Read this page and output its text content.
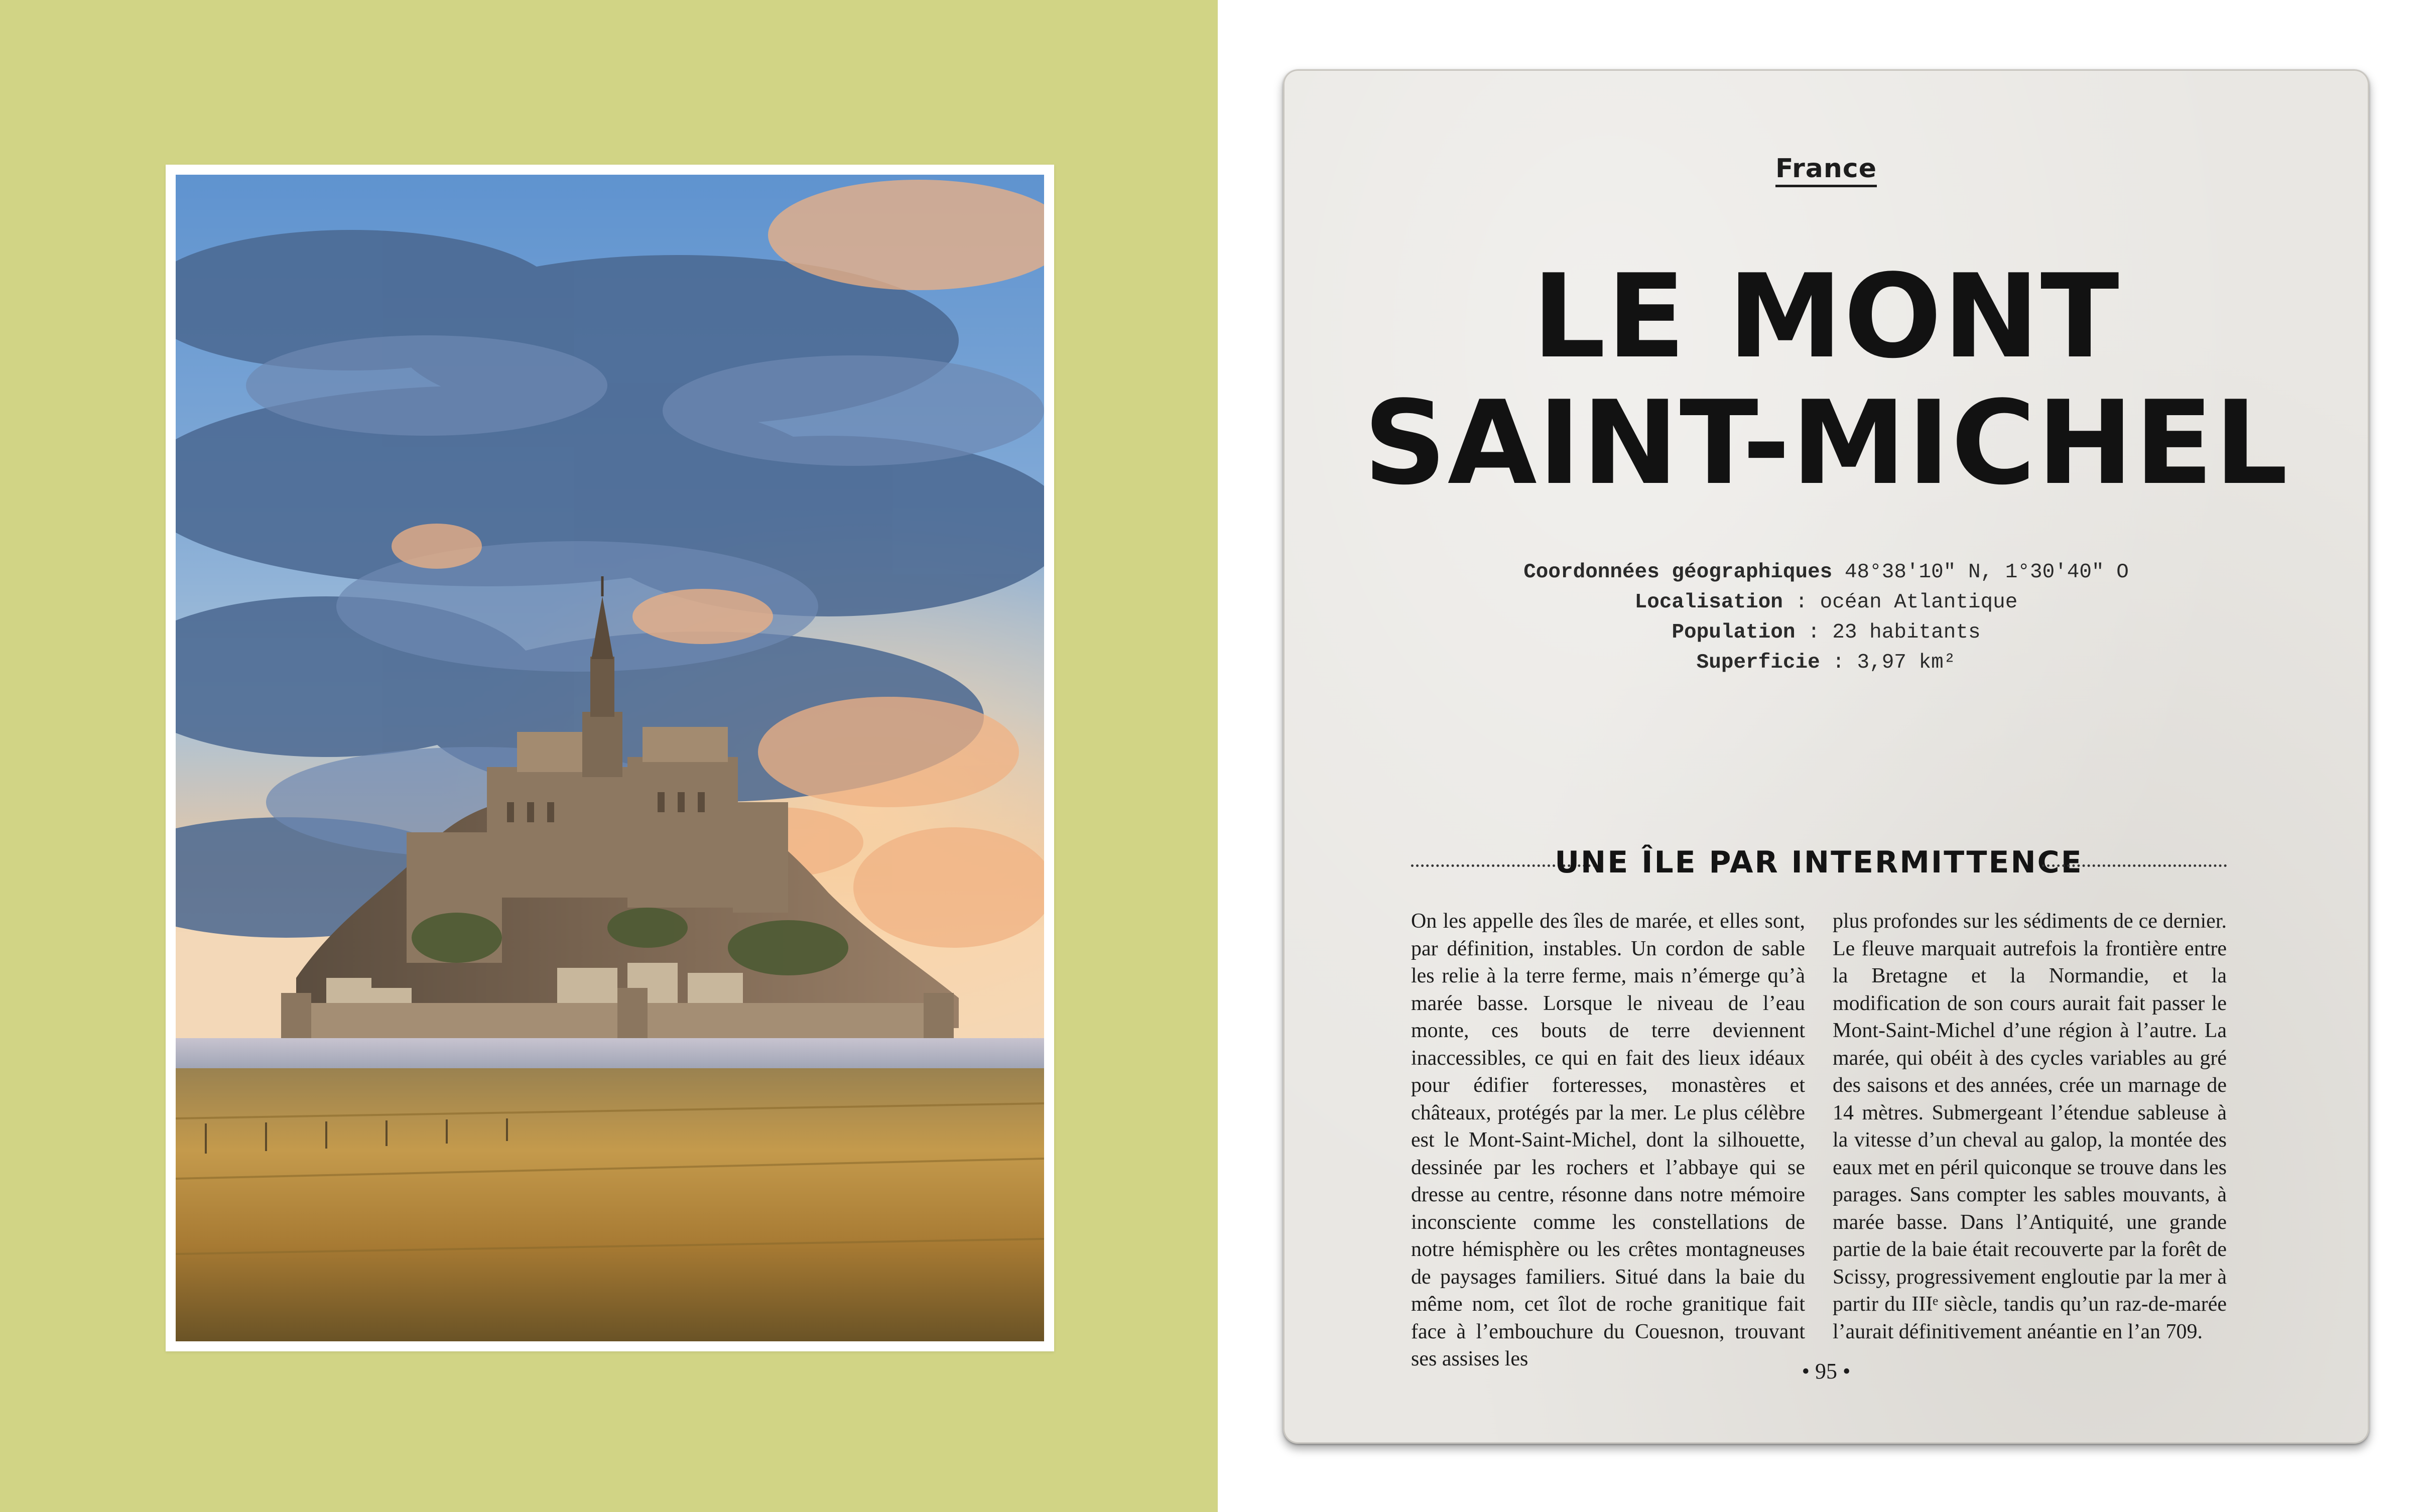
France
LE MONT
SAINT-MICHEL
Coordonnées géographiques 48°38'10" N, 1°30'40" O
Localisation : océan Atlantique
Population : 23 habitants
Superficie : 3,97 km²
UNE ÎLE PAR INTERMITTENCE

On les appelle des îles de marée, et elles sont, par définition, instables. Un cordon de sable les relie à la terre ferme, mais n’émerge qu’à marée basse. Lorsque le niveau de l’eau monte, ces bouts de terre deviennent inaccessibles, ce qui en fait des lieux idéaux pour édifier forteresses, monastères et châteaux, protégés par la mer. Le plus célèbre est le Mont-Saint-Michel, dont la silhouette, dessinée par les rochers et l’abbaye qui se dresse au centre, résonne dans notre mémoire inconsciente comme les constellations de notre hémisphère ou les crêtes montagneuses de paysages familiers. Situé dans la baie du même nom, cet îlot de roche granitique fait face à l’embouchure du Couesnon, trouvant ses assises les

plus profondes sur les sédiments de ce dernier. Le fleuve marquait autrefois la frontière entre la Bretagne et la Normandie, et la modification de son cours aurait fait passer le Mont-Saint-Michel d’une région à l’autre. La marée, qui obéit à des cycles variables au gré des saisons et des années, crée un marnage de 14 mètres. Submergeant l’étendue sableuse à la vitesse d’un cheval au galop, la montée des eaux met en péril quiconque se trouve dans les parages. Sans compter les sables mouvants, à marée basse. Dans l’Antiquité, une grande partie de la baie était recouverte par la forêt de Scissy, progressivement engloutie par la mer à partir du IIIᵉ siècle, tandis qu’un raz-de-marée l’aurait définitivement anéantie en l’an 709.

• 95 •
